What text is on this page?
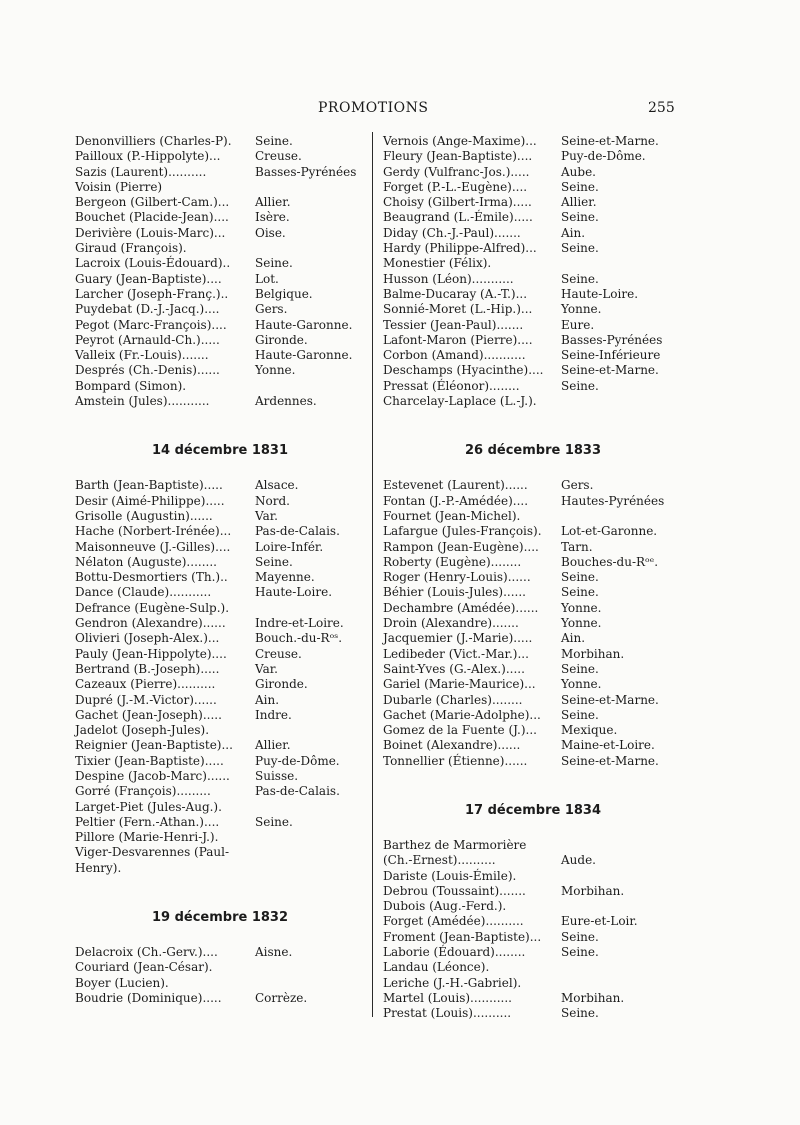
PROMOTIONS	255
Denonvilliers (Charles-P). Seine.
Pailloux (P.-Hippolyte)...	Creuse.
Sazis (Laurent)..........	Basses-Pyrénées
Voisin (Pierre)
Bergeon (Gilbert-Cam.)... Allier.
Bouchet (Placide-Jean).... Isère.
Derivière (Louis-Marc)... Oise.
Giraud (François).
Lacroix (Louis-Édouard).. Seine.
Guary (Jean-Baptiste)....	Lot.
Larcher (Joseph-Franç.).. Belgique.
Puydebat (D.-J.-Jacq.)....	Gers.
Pegot (Marc-François).... Haute-Garonne.
Peyrot (Arnauld-Ch.).....	Gironde.
Valleix (Fr.-Louis).......	Haute-Garonne.
Després (Ch.-Denis)......	Yonne.
Bompard (Simon).
Amstein (Jules)...........	Ardennes.
14 décembre 1831
Barth (Jean-Baptiste).....	Alsace.
Desir (Aimé-Philippe).....	Nord.
Grisolle (Augustin)......	Var.
Hache (Norbert-Irénée)... Pas-de-Calais.
Maisonneuve (J.-Gilles).... Loire-Infér.
Nélaton (Auguste)........	Seine.
Bottu-Desmortiers (Th.).. Mayenne.
Dance (Claude)...........	Haute-Loire.
Defrance (Eugène-Sulp.).
Gendron (Alexandre)...... Indre-et-Loire.
Olivieri (Joseph-Alex.)...	Bouch.-du-Rᵒˢ.
Pauly (Jean-Hippolyte).... Creuse.
Bertrand (B.-Joseph).....	Var.
Cazeaux (Pierre)..........	Gironde.
Dupré (J.-M.-Victor)......	Ain.
Gachet (Jean-Joseph).....	Indre.
Jadelot (Joseph-Jules).
Reignier (Jean-Baptiste)... Allier.
Tixier (Jean-Baptiste).....	Puy-de-Dôme.
Despine (Jacob-Marc)...... Suisse.
Gorré (François).........	Pas-de-Calais.
Larget-Piet (Jules-Aug.).
Peltier (Fern.-Athan.)....	Seine.
Pillore (Marie-Henri-J.).
Viger-Desvarennes (Paul-
Henry).
19 décembre 1832
Delacroix (Ch.-Gerv.)....	Aisne.
Couriard (Jean-César).
Boyer (Lucien).
Boudrie (Dominique).....	Corrèze.
Vernois (Ange-Maxime)... Seine-et-Marne.
Fleury (Jean-Baptiste).... Puy-de-Dôme.
Gerdy (Vulfranc-Jos.).....	Aube.
Forget (P.-L.-Eugène)....	Seine.
Choisy (Gilbert-Irma)..... Allier.
Beaugrand (L.-Émile)..... Seine.
Diday (Ch.-J.-Paul).......	Ain.
Hardy (Philippe-Alfred)... Seine.
Monestier (Félix).
Husson (Léon)...........	Seine.
Balme-Ducaray (A.-T.)...	Haute-Loire.
Sonnié-Moret (L.-Hip.)... Yonne.
Tessier (Jean-Paul).......	Eure.
Lafont-Maron (Pierre).... Basses-Pyrénées
Corbon (Amand)...........	Seine-Inférieure
Deschamps (Hyacinthe).... Seine-et-Marne.
Pressat (Éléonor)........	Seine.
Charcelay-Laplace (L.-J.).
26 décembre 1833
Estevenet (Laurent)......	Gers.
Fontan (J.-P.-Amédée)....	Hautes-Pyrénées
Fournet (Jean-Michel).
Lafargue (Jules-François). Lot-et-Garonne.
Rampon (Jean-Eugène).... Tarn.
Roberty (Eugène)........	Bouches-du-Rᵒᵉ.
Roger (Henry-Louis)......	Seine.
Béhier (Louis-Jules)......	Seine.
Dechambre (Amédée)...... Yonne.
Droin (Alexandre).......	Yonne.
Jacquemier (J.-Marie)..... Ain.
Ledibeder (Vict.-Mar.)...	Morbihan.
Saint-Yves (G.-Alex.).....	Seine.
Gariel (Marie-Maurice)... Yonne.
Dubarle (Charles)........	Seine-et-Marne.
Gachet (Marie-Adolphe)... Seine.
Gomez de la Fuente (J.)... Mexique.
Boinet (Alexandre)......	Maine-et-Loire.
Tonnellier (Étienne)......	Seine-et-Marne.
17 décembre 1834
Barthez de Marmorière
(Ch.-Ernest)..........	Aude.
Dariste (Louis-Émile).
Debrou (Toussaint).......	Morbihan.
Dubois (Aug.-Ferd.).
Forget (Amédée)..........	Eure-et-Loir.
Froment (Jean-Baptiste)... Seine.
Laborie (Édouard)........	Seine.
Landau (Léonce).
Leriche (J.-H.-Gabriel).
Martel (Louis)...........	Morbihan.
Prestat (Louis)..........	Seine.
